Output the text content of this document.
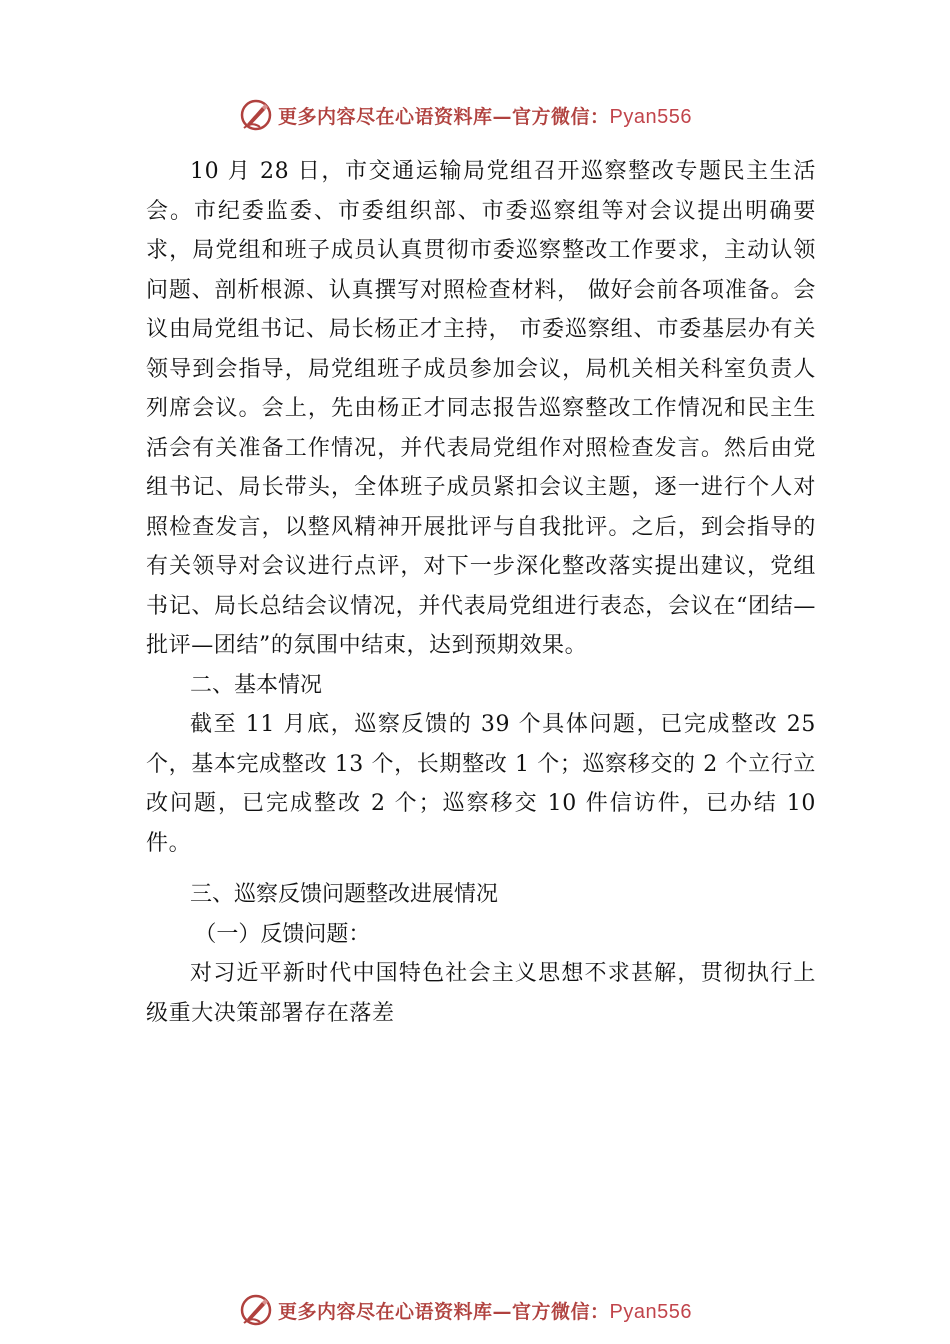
更多内容尽在心语资料库—官方微信：Pyan556

10 月 28 日，市交通运输局党组召开巡察整改专题民主生活会。市纪委监委、市委组织部、市委巡察组等对会议提出明确要求，局党组和班子成员认真贯彻市委巡察整改工作要求，主动认领问题、剖析根源、认真撰写对照检查材料， 做好会前各项准备。会议由局党组书记、局长杨正才主持， 市委巡察组、市委基层办有关领导到会指导，局党组班子成员参加会议，局机关相关科室负责人列席会议。会上，先由杨正才同志报告巡察整改工作情况和民主生活会有关准备工作情况，并代表局党组作对照检查发言。然后由党组书记、局长带头，全体班子成员紧扣会议主题，逐一进行个人对照检查发言，以整风精神开展批评与自我批评。之后，到会指导的有关领导对会议进行点评，对下一步深化整改落实提出建议，党组书记、局长总结会议情况，并代表局党组进行表态，会议在“团结—批评—团结”的氛围中结束，达到预期效果。

二、基本情况

截至 11 月底，巡察反馈的 39 个具体问题，已完成整改 25 个，基本完成整改 13 个，长期整改 1 个；巡察移交的 2 个立行立改问题，已完成整改 2 个；巡察移交 10 件信访件，已办结 10 件。

三、巡察反馈问题整改进展情况

（一）反馈问题：

对习近平新时代中国特色社会主义思想不求甚解，贯彻执行上级重大决策部署存在落差

更多内容尽在心语资料库—官方微信：Pyan556
